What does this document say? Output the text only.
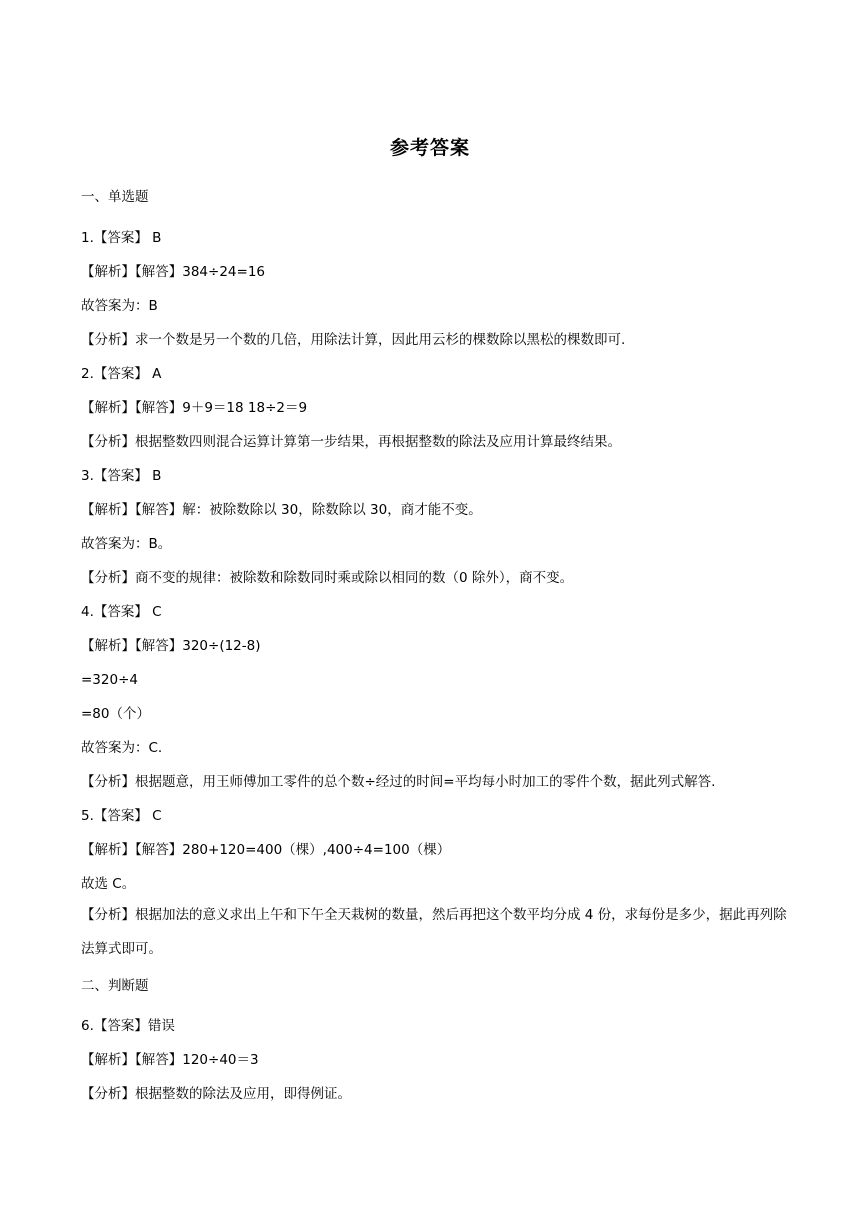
参考答案
一、单选题
1.【答案】 B
【解析】【解答】384÷24=16
故答案为：B
【分析】求一个数是另一个数的几倍，用除法计算，因此用云杉的棵数除以黑松的棵数即可.
2.【答案】 A
【解析】【解答】9＋9＝18 18÷2＝9
【分析】根据整数四则混合运算计算第一步结果，再根据整数的除法及应用计算最终结果。
3.【答案】 B
【解析】【解答】解：被除数除以 30，除数除以 30，商才能不变。
故答案为：B。
【分析】商不变的规律：被除数和除数同时乘或除以相同的数（0 除外），商不变。
4.【答案】 C
【解析】【解答】320÷(12-8)
=320÷4
=80（个）
故答案为：C.
【分析】根据题意，用王师傅加工零件的总个数÷经过的时间=平均每小时加工的零件个数，据此列式解答.
5.【答案】 C
【解析】【解答】280+120=400（棵）,400÷4=100（棵）
故选 C。
【分析】根据加法的意义求出上午和下午全天栽树的数量，然后再把这个数平均分成 4 份，求每份是多少，据此再列除法算式即可。
二、判断题
6.【答案】错误
【解析】【解答】120÷40＝3
【分析】根据整数的除法及应用，即得例证。
